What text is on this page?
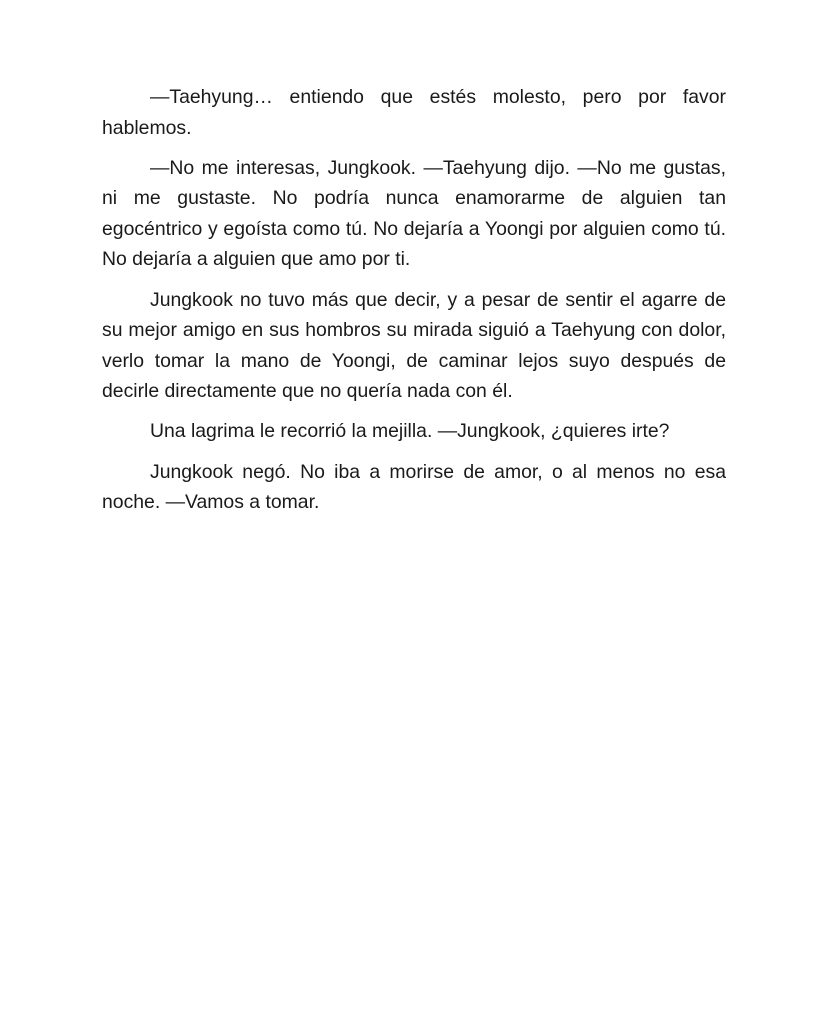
—Taehyung… entiendo que estés molesto, pero por favor hablemos.

—No me interesas, Jungkook. —Taehyung dijo. —No me gustas, ni me gustaste. No podría nunca enamorarme de alguien tan egocéntrico y egoísta como tú. No dejaría a Yoongi por alguien como tú. No dejaría a alguien que amo por ti.

Jungkook no tuvo más que decir, y a pesar de sentir el agarre de su mejor amigo en sus hombros su mirada siguió a Taehyung con dolor, verlo tomar la mano de Yoongi, de caminar lejos suyo después de decirle directamente que no quería nada con él.

Una lagrima le recorrió la mejilla. —Jungkook, ¿quieres irte?

Jungkook negó. No iba a morirse de amor, o al menos no esa noche. —Vamos a tomar.
